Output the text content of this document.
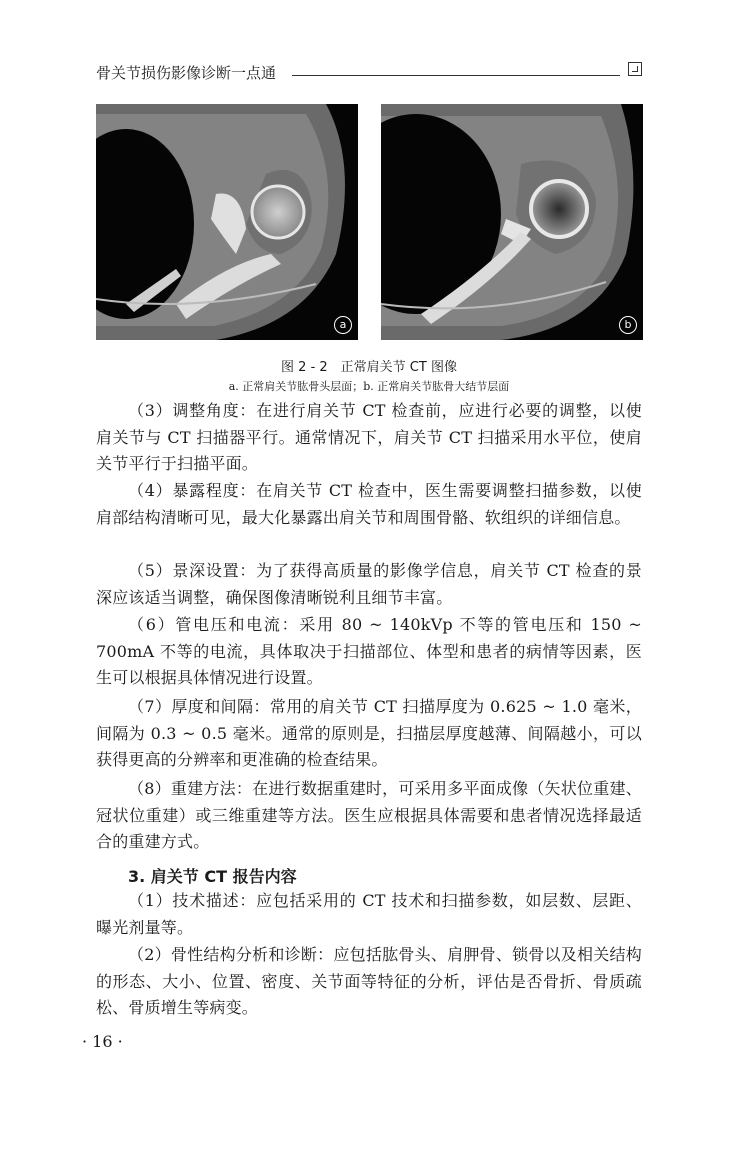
骨关节损伤影像诊断一点通
a	b
图 2 - 2　正常肩关节 CT 图像
a. 正常肩关节肱骨头层面；b. 正常肩关节肱骨大结节层面

（3）调整角度：在进行肩关节 CT 检查前，应进行必要的调整，以使肩关节与 CT 扫描器平行。通常情况下，肩关节 CT 扫描采用水平位，使肩关节平行于扫描平面。

（4）暴露程度：在肩关节 CT 检查中，医生需要调整扫描参数，以使肩部结构清晰可见，最大化暴露出肩关节和周围骨骼、软组织的详细信息。

（5）景深设置：为了获得高质量的影像学信息，肩关节 CT 检查的景深应该适当调整，确保图像清晰锐利且细节丰富。

（6）管电压和电流：采用 80 ~ 140kVp 不等的管电压和 150 ~ 700mA 不等的电流，具体取决于扫描部位、体型和患者的病情等因素，医生可以根据具体情况进行设置。

（7）厚度和间隔：常用的肩关节 CT 扫描厚度为 0.625 ~ 1.0 毫米，间隔为 0.3 ~ 0.5 毫米。通常的原则是，扫描层厚度越薄、间隔越小，可以获得更高的分辨率和更准确的检查结果。

（8）重建方法：在进行数据重建时，可采用多平面成像（矢状位重建、冠状位重建）或三维重建等方法。医生应根据具体需要和患者情况选择最适合的重建方式。

3. 肩关节 CT 报告内容

（1）技术描述：应包括采用的 CT 技术和扫描参数，如层数、层距、曝光剂量等。

（2）骨性结构分析和诊断：应包括肱骨头、肩胛骨、锁骨以及相关结构的形态、大小、位置、密度、关节面等特征的分析，评估是否骨折、骨质疏松、骨质增生等病变。

· 16 ·
